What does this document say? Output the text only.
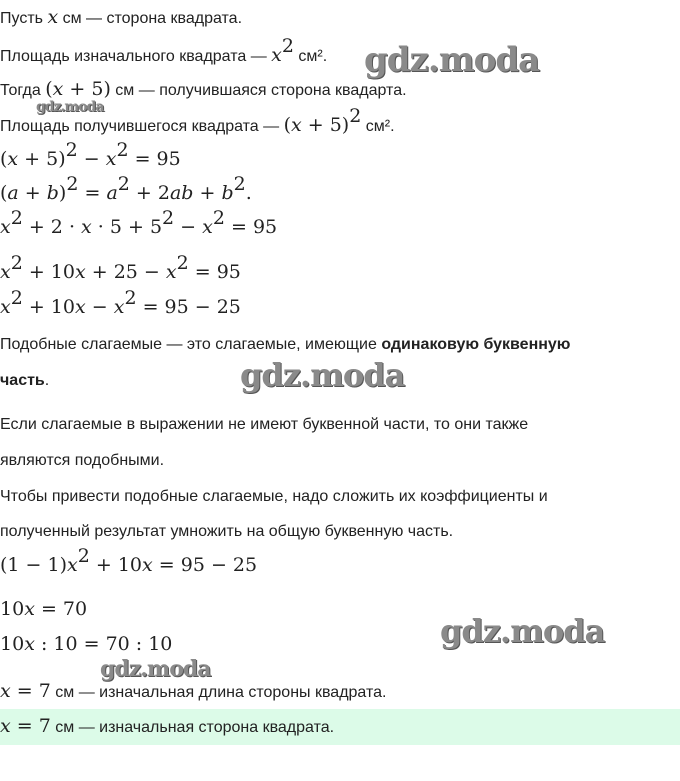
Пусть x см — сторона квадрата.
Площадь изначального квадрата — $x^2$ см².
Тогда (x + 5) см — получившаяся сторона квадарта.
Площадь получившегося квадрата — $(x + 5)^2$ см².
$(x + 5)^2 - x^2 = 95$
$(a + b)^2 = a^2 + 2ab + b^2$.
$x^2 + 2 \cdot x \cdot 5 + 5^2 - x^2 = 95$
$x^2 + 10x + 25 - x^2 = 95$
$x^2 + 10x - x^2 = 95 - 25$
Подобные слагаемые — это слагаемые, имеющие одинаковую буквенную
часть.
Если слагаемые в выражении не имеют буквенной части, то они также
являются подобными.
Чтобы привести подобные слагаемые, надо сложить их коэффициенты и
полученный результат умножить на общую буквенную часть.
$(1 - 1)x^2 + 10x = 95 - 25$
10x = 70
10x : 10 = 70 : 10
x = 7 см — изначальная длина стороны квадрата.
x = 7 см — изначальная сторона квадрата.
gdz.moda
gdz.moda
gdz.moda
gdz.moda
gdz.moda
